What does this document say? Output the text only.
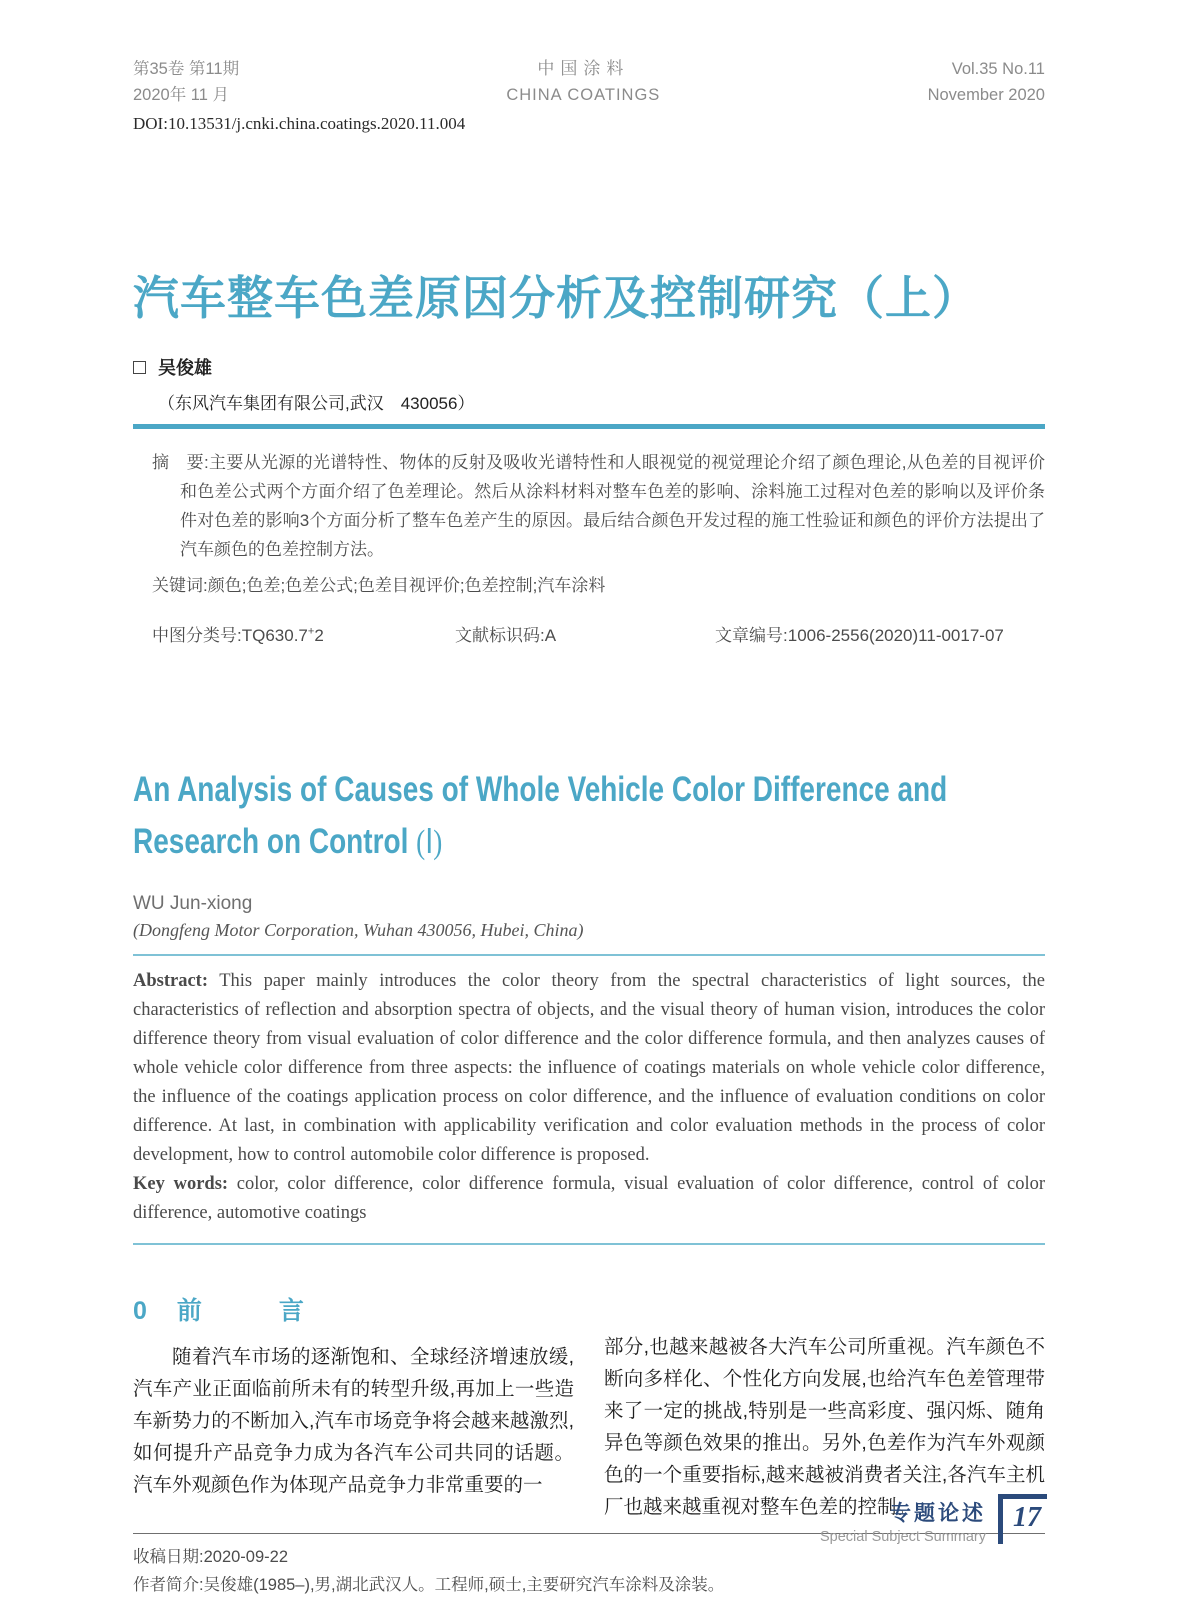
第35卷 第11期
2020年 11 月
中国涂料
CHINA COATINGS
Vol.35 No.11
November 2020
DOI:10.13531/j.cnki.china.coatings.2020.11.004
汽车整车色差原因分析及控制研究（上）
吴俊雄
（东风汽车集团有限公司,武汉　430056）
摘　要:主要从光源的光谱特性、物体的反射及吸收光谱特性和人眼视觉的视觉理论介绍了颜色理论,从色差的目视评价和色差公式两个方面介绍了色差理论。然后从涂料材料对整车色差的影响、涂料施工过程对色差的影响以及评价条件对色差的影响3个方面分析了整车色差产生的原因。最后结合颜色开发过程的施工性验证和颜色的评价方法提出了汽车颜色的色差控制方法。
关键词:颜色;色差;色差公式;色差目视评价;色差控制;汽车涂料
中图分类号:TQ630.7+2	文献标识码:A	文章编号:1006-2556(2020)11-0017-07
An Analysis of Causes of Whole Vehicle Color Difference and
Research on Control (Ⅰ)
WU Jun-xiong
(Dongfeng Motor Corporation, Wuhan 430056, Hubei, China)

Abstract: This paper mainly introduces the color theory from the spectral characteristics of light sources, the characteristics of reflection and absorption spectra of objects, and the visual theory of human vision, introduces the color difference theory from visual evaluation of color difference and the color difference formula, and then analyzes causes of whole vehicle color difference from three aspects: the influence of coatings materials on whole vehicle color difference, the influence of the coatings application process on color difference, and the influence of evaluation conditions on color difference. At last, in combination with applicability verification and color evaluation methods in the process of color development, how to control automobile color difference is proposed.

Key words: color, color difference, color difference formula, visual evaluation of color difference, control of color difference, automotive coatings

0 前　言

随着汽车市场的逐渐饱和、全球经济增速放缓,汽车产业正面临前所未有的转型升级,再加上一些造车新势力的不断加入,汽车市场竞争将会越来越激烈,如何提升产品竞争力成为各汽车公司共同的话题。汽车外观颜色作为体现产品竞争力非常重要的一

部分,也越来越被各大汽车公司所重视。汽车颜色不断向多样化、个性化方向发展,也给汽车色差管理带来了一定的挑战,特别是一些高彩度、强闪烁、随角异色等颜色效果的推出。另外,色差作为汽车外观颜色的一个重要指标,越来越被消费者关注,各汽车主机厂也越来越重视对整车色差的控制。

收稿日期:2020-09-22
作者简介:吴俊雄(1985–),男,湖北武汉人。工程师,硕士,主要研究汽车涂料及涂装。
专题论述
Special Subject Summary
17
